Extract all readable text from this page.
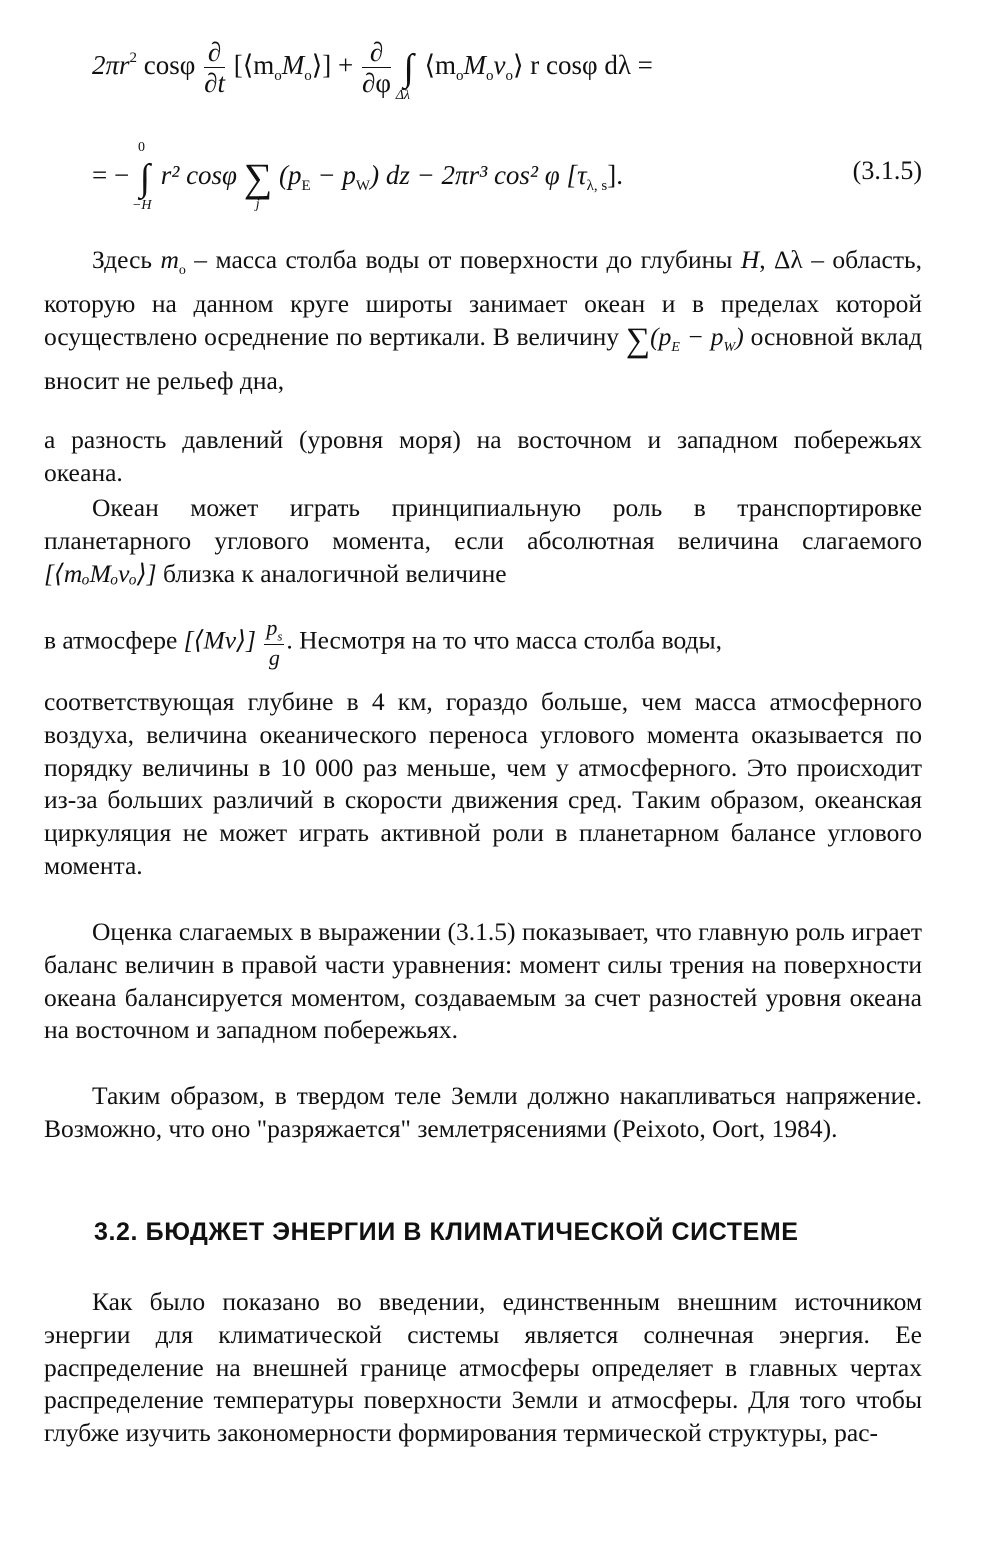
$2\pi r^2$ cosφ $\frac{\partial}{\partial t}$ $[⟨m_oM_o⟩] + \frac{\partial}{\partial\varphi}$ ∫
Δλ
$⟨m_oM_o\nu_o⟩$ r cosφ dλ =
= −
0
∫
−H
r² cosφ ∑
j
$(p_E - p_W)$ dz − 2πr³ cos² φ $[\tau_{\lambda, s}]$.	(3.1.5)

Здесь $m_o$ – масса столба воды от поверхности до глубины H, Δλ – область, которую на данном круге широты занимает океан и в пределах которой осуществлено осреднение по вертикали. В величину $\sum(p_E - p_W)$ основной вклад вносит не рельеф дна,

а разность давлений (уровня моря) на восточном и западном побережьях океана.

Океан может играть принципиальную роль в транспортировке планетарного углового момента, если абсолютная величина слагаемого [⟨mₒMₒνₒ⟩] близка к аналогичной величине

в атмосфере [⟨Mν⟩] $\frac{p_s}{g}$ . Несмотря на то что масса столба воды,

соответствующая глубине в 4 км, гораздо больше, чем масса атмосферного воздуха, величина океанического переноса углового момента оказывается по порядку величины в 10 000 раз меньше, чем у атмосферного. Это происходит из-за больших различий в скорости движения сред. Таким образом, океанская циркуляция не может играть активной роли в планетарном балансе углового момента.

Оценка слагаемых в выражении (3.1.5) показывает, что главную роль играет баланс величин в правой части уравнения: момент силы трения на поверхности океана балансируется моментом, создаваемым за счет разностей уровня океана на восточном и западном побережьях.

Таким образом, в твердом теле Земли должно накапливаться напряжение. Возможно, что оно "разряжается" землетрясениями (Peixoto, Oort, 1984).

3.2. БЮДЖЕТ ЭНЕРГИИ В КЛИМАТИЧЕСКОЙ СИСТЕМЕ

Как было показано во введении, единственным внешним источником энергии для климатической системы является солнечная энергия. Ее распределение на внешней границе атмосферы определяет в главных чертах распределение температуры поверхности Земли и атмосферы. Для того чтобы глубже изучить закономерности формирования термической структуры, рас-
